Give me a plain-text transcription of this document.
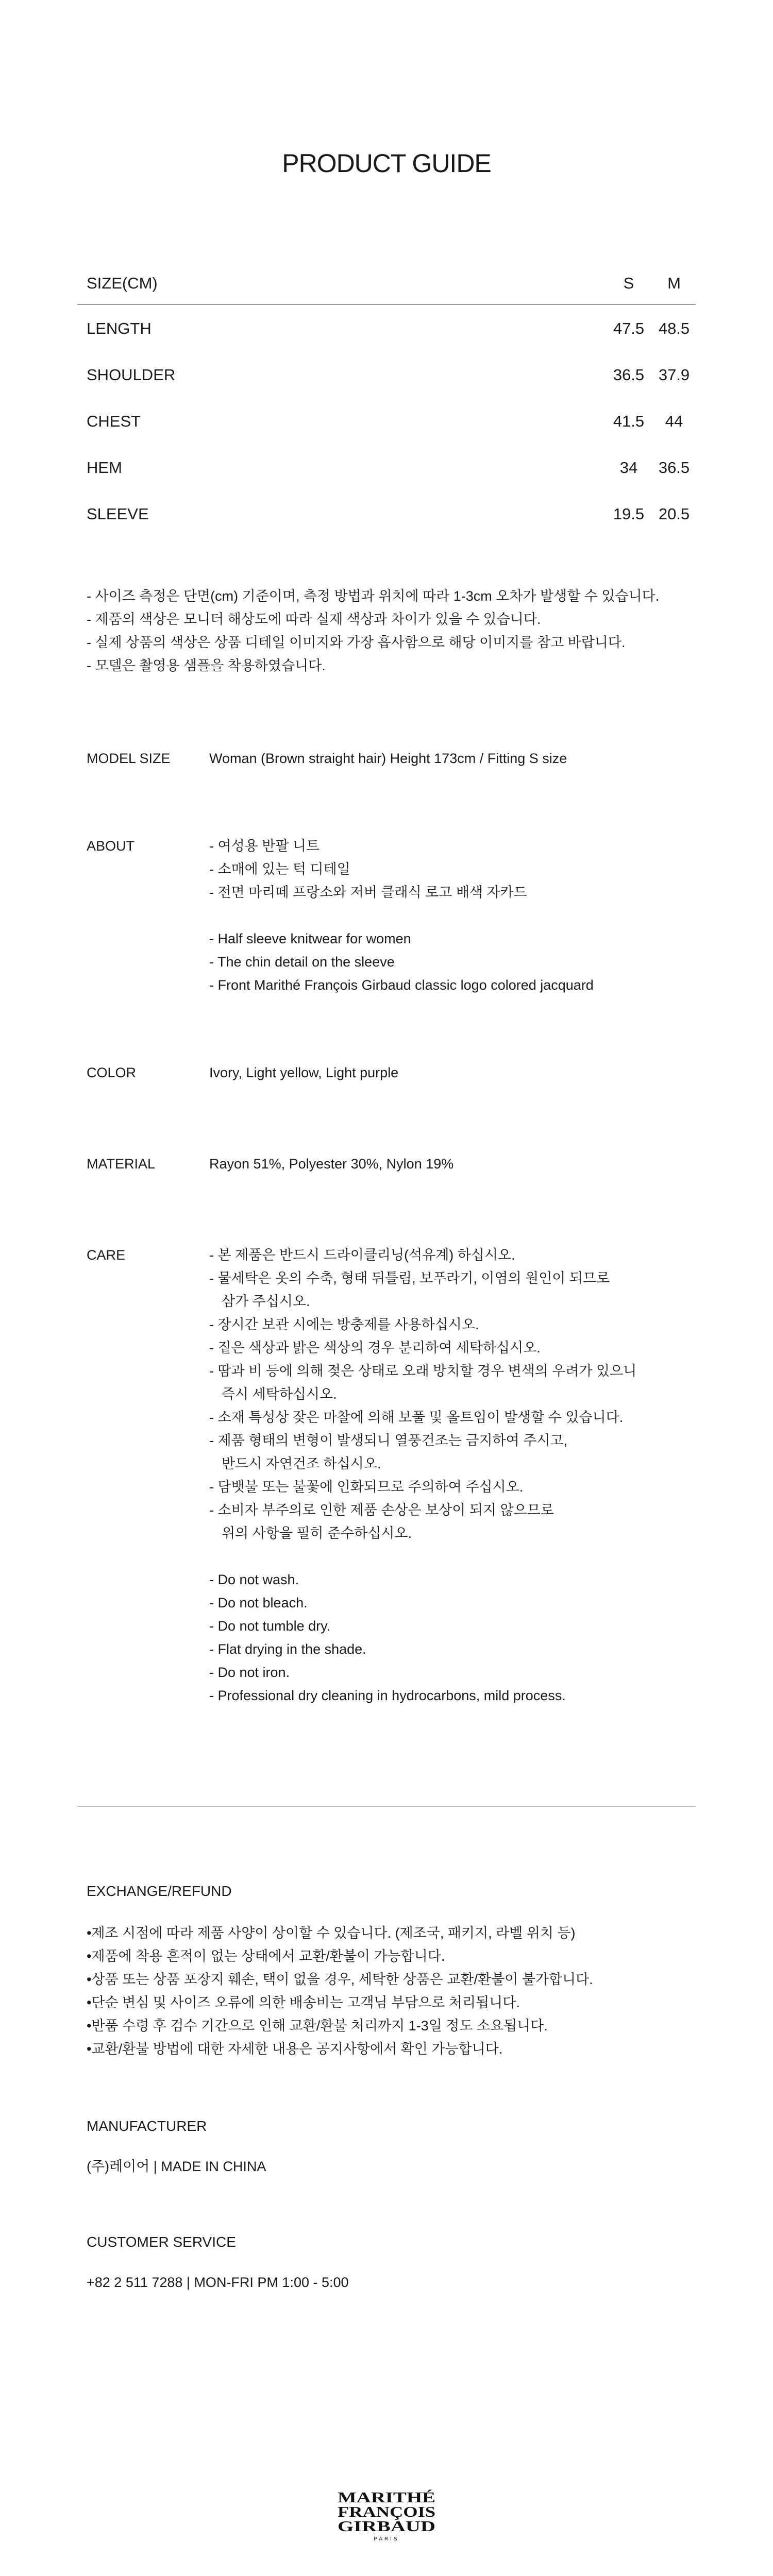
PRODUCT GUIDE
SIZE(CM)	S	M
LENGTH	47.5 48.5
SHOULDER	36.5 37.9
CHEST	41.5	44
HEM	34	36.5
SLEEVE	19.5 20.5
- 사이즈 측정은 단면(cm) 기준이며, 측정 방법과 위치에 따라 1-3cm 오차가 발생할 수 있습니다.
- 제품의 색상은 모니터 해상도에 따라 실제 색상과 차이가 있을 수 있습니다.
- 실제 상품의 색상은 상품 디테일 이미지와 가장 흡사함으로 해당 이미지를 참고 바랍니다.
- 모델은 촬영용 샘플을 착용하였습니다.
MODEL SIZE	Woman (Brown straight hair) Height 173cm / Fitting S size
ABOUT	- 여성용 반팔 니트
- 소매에 있는 턱 디테일
- 전면 마리떼 프랑소와 저버 클래식 로고 배색 자카드
- Half sleeve knitwear for women
- The chin detail on the sleeve
- Front Marithé François Girbaud classic logo colored jacquard
COLOR	Ivory, Light yellow, Light purple
MATERIAL	Rayon 51%, Polyester 30%, Nylon 19%
CARE	- 본 제품은 반드시 드라이클리닝(석유계) 하십시오.
- 물세탁은 옷의 수축, 형태 뒤틀림, 보푸라기, 이염의 원인이 되므로
삼가 주십시오.
- 장시간 보관 시에는 방충제를 사용하십시오.
- 짙은 색상과 밝은 색상의 경우 분리하여 세탁하십시오.
- 땀과 비 등에 의해 젖은 상태로 오래 방치할 경우 변색의 우려가 있으니
즉시 세탁하십시오.
- 소재 특성상 잦은 마찰에 의해 보풀 및 올트임이 발생할 수 있습니다.
- 제품 형태의 변형이 발생되니 열풍건조는 금지하여 주시고,
반드시 자연건조 하십시오.
- 담뱃불 또는 불꽃에 인화되므로 주의하여 주십시오.
- 소비자 부주의로 인한 제품 손상은 보상이 되지 않으므로
위의 사항을 필히 준수하십시오.
- Do not wash.
- Do not bleach.
- Do not tumble dry.
- Flat drying in the shade.
- Do not iron.
- Professional dry cleaning in hydrocarbons, mild process.
EXCHANGE/REFUND
•제조 시점에 따라 제품 사양이 상이할 수 있습니다. (제조국, 패키지, 라벨 위치 등)
•제품에 착용 흔적이 없는 상태에서 교환/환불이 가능합니다.
•상품 또는 상품 포장지 훼손, 택이 없을 경우, 세탁한 상품은 교환/환불이 불가합니다.
•단순 변심 및 사이즈 오류에 의한 배송비는 고객님 부담으로 처리됩니다.
•반품 수령 후 검수 기간으로 인해 교환/환불 처리까지 1-3일 정도 소요됩니다.
•교환/환불 방법에 대한 자세한 내용은 공지사항에서 확인 가능합니다.
MANUFACTURER
(주)레이어 | MADE IN CHINA
CUSTOMER SERVICE
+82 2 511 7288 | MON-FRI PM 1:00 - 5:00
MARITHÉ
FRANÇOIS
GIRBAUD
PARIS
